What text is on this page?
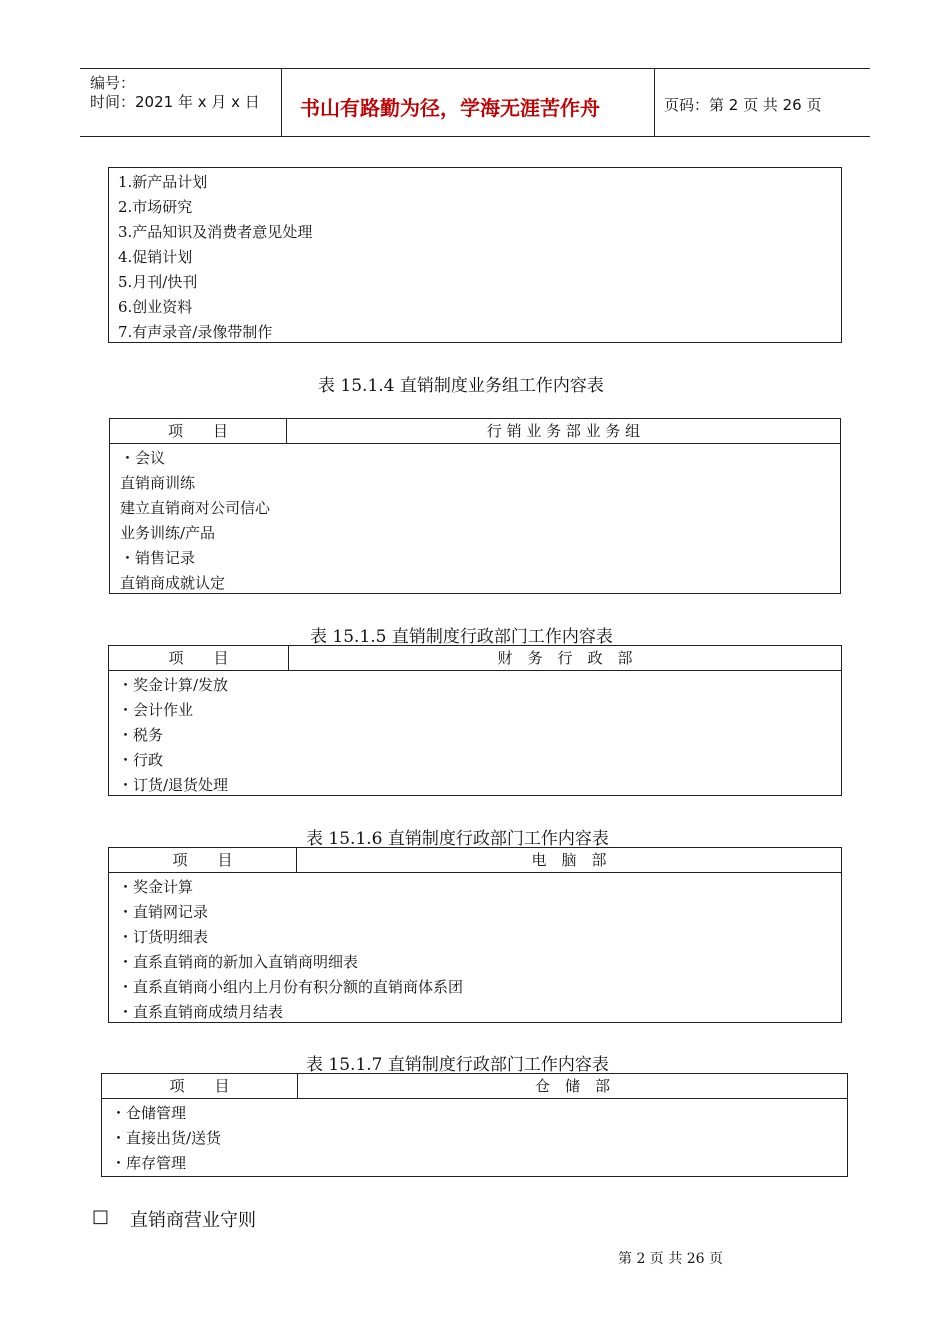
编号：
时间：2021 年 x 月 x 日 书山有路勤为径，学海无涯苦作舟	页码：第 2 页 共 26 页
1.新产品计划
2.市场研究
3.产品知识及消费者意见处理
4.促销计划
5.月刊/快刊
6.创业资料
7.有声录音/录像带制作
表 15.1.4 直销制度业务组工作内容表
项　　目	行 销 业 务 部 业 务 组
・会议
直销商训练
建立直销商对公司信心
业务训练/产品
・销售记录
直销商成就认定
表 15.1.5 直销制度行政部门工作内容表
项　　目	财　务　行　政　部
・奖金计算/发放
・会计作业
・税务
・行政
・订货/退货处理
表 15.1.6 直销制度行政部门工作内容表
项　　目	电　脑　部
・奖金计算
・直销网记录
・订货明细表
・直系直销商的新加入直销商明细表
・直系直销商小组内上月份有积分额的直销商体系团
・直系直销商成绩月结表
表 15.1.7 直销制度行政部门工作内容表
项　　目	仓　储　部
・仓储管理
・直接出货/送货
・库存管理
□ 直销商营业守则
第 2 页 共 26 页
